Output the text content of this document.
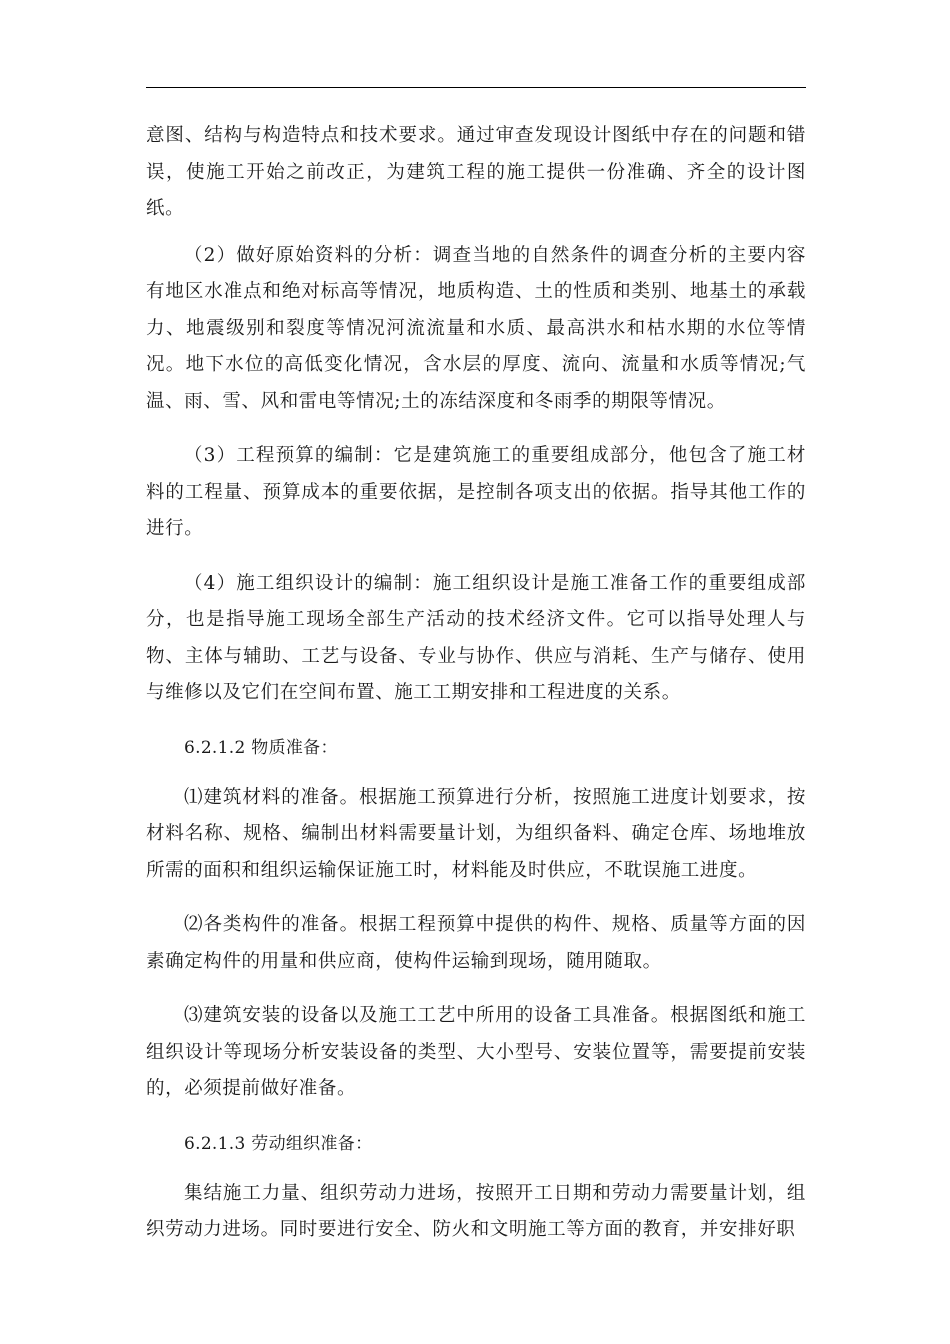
意图、结构与构造特点和技术要求。通过审查发现设计图纸中存在的问题和错误，使施工开始之前改正，为建筑工程的施工提供一份准确、齐全的设计图纸。

（2）做好原始资料的分析：调查当地的自然条件的调查分析的主要内容有地区水准点和绝对标高等情况，地质构造、土的性质和类别、地基土的承载力、地震级别和裂度等情况河流流量和水质、最高洪水和枯水期的水位等情况。地下水位的高低变化情况，含水层的厚度、流向、流量和水质等情况;气温、雨、雪、风和雷电等情况;土的冻结深度和冬雨季的期限等情况。

（3）工程预算的编制：它是建筑施工的重要组成部分，他包含了施工材料的工程量、预算成本的重要依据，是控制各项支出的依据。指导其他工作的进行。

（4）施工组织设计的编制：施工组织设计是施工准备工作的重要组成部分，也是指导施工现场全部生产活动的技术经济文件。它可以指导处理人与物、主体与辅助、工艺与设备、专业与协作、供应与消耗、生产与储存、使用与维修以及它们在空间布置、施工工期安排和工程进度的关系。

6.2.1.2 物质准备：

⑴建筑材料的准备。根据施工预算进行分析，按照施工进度计划要求，按材料名称、规格、编制出材料需要量计划，为组织备料、确定仓库、场地堆放所需的面积和组织运输保证施工时，材料能及时供应，不耽误施工进度。

⑵各类构件的准备。根据工程预算中提供的构件、规格、质量等方面的因素确定构件的用量和供应商，使构件运输到现场，随用随取。

⑶建筑安装的设备以及施工工艺中所用的设备工具准备。根据图纸和施工组织设计等现场分析安装设备的类型、大小型号、安装位置等，需要提前安装的，必须提前做好准备。

6.2.1.3 劳动组织准备：

集结施工力量、组织劳动力进场，按照开工日期和劳动力需要量计划，组织劳动力进场。同时要进行安全、防火和文明施工等方面的教育，并安排好职
